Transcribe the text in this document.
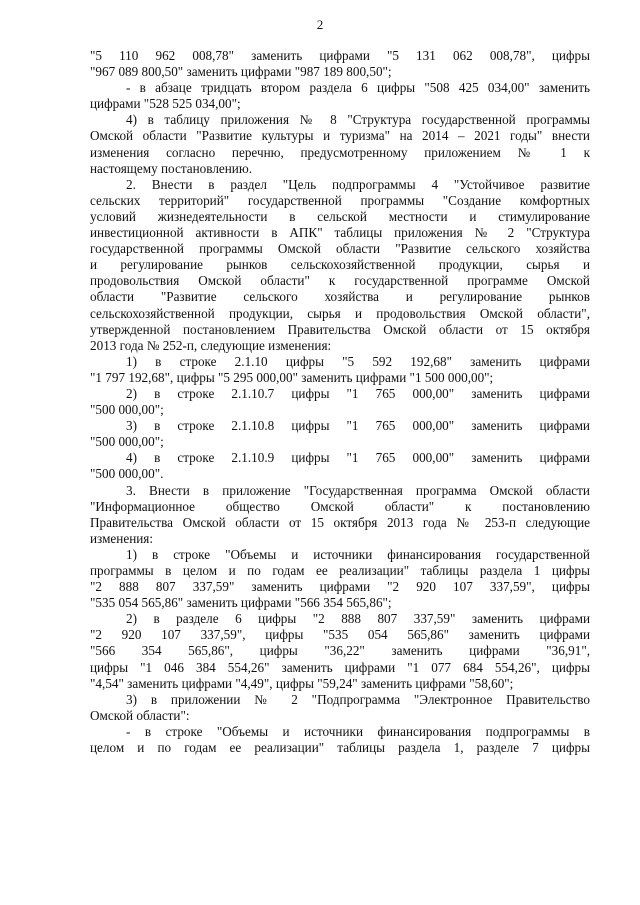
2
"5 110 962 008,78" заменить цифрами "5 131 062 008,78", цифры
"967 089 800,50" заменить цифрами "987 189 800,50";
- в абзаце тридцать втором раздела 6 цифры "508 425 034,00" заменить
цифрами "528 525 034,00";
4) в таблицу приложения № 8 "Структура государственной программы
Омской области "Развитие культуры и туризма" на 2014 – 2021 годы" внести
изменения согласно перечню, предусмотренному приложением № 1 к
настоящему постановлению.
2. Внести в раздел "Цель подпрограммы 4 "Устойчивое развитие
сельских территорий" государственной программы "Создание комфортных
условий жизнедеятельности в сельской местности и стимулирование
инвестиционной активности в АПК" таблицы приложения № 2 "Структура
государственной программы Омской области "Развитие сельского хозяйства
и регулирование рынков сельскохозяйственной продукции, сырья и
продовольствия Омской области" к государственной программе Омской
области "Развитие сельского хозяйства и регулирование рынков
сельскохозяйственной продукции, сырья и продовольствия Омской области",
утвержденной постановлением Правительства Омской области от 15 октября
2013 года № 252-п, следующие изменения:
1) в строке 2.1.10 цифры "5 592 192,68" заменить цифрами
"1 797 192,68", цифры "5 295 000,00" заменить цифрами "1 500 000,00";
2) в строке 2.1.10.7 цифры "1 765 000,00" заменить цифрами
"500 000,00";
3) в строке 2.1.10.8 цифры "1 765 000,00" заменить цифрами
"500 000,00";
4) в строке 2.1.10.9 цифры "1 765 000,00" заменить цифрами
"500 000,00".
3. Внести в приложение "Государственная программа Омской области
"Информационное общество Омской области" к постановлению
Правительства Омской области от 15 октября 2013 года № 253-п следующие
изменения:
1) в строке "Объемы и источники финансирования государственной
программы в целом и по годам ее реализации" таблицы раздела 1 цифры
"2 888 807 337,59" заменить цифрами "2 920 107 337,59", цифры
"535 054 565,86" заменить цифрами "566 354 565,86";
2) в разделе 6 цифры "2 888 807 337,59" заменить цифрами
"2 920 107 337,59", цифры "535 054 565,86" заменить цифрами
"566 354 565,86", цифры "36,22" заменить цифрами "36,91",
цифры "1 046 384 554,26" заменить цифрами "1 077 684 554,26", цифры
"4,54" заменить цифрами "4,49", цифры "59,24" заменить цифрами "58,60";
3) в приложении № 2 "Подпрограмма "Электронное Правительство
Омской области":
- в строке "Объемы и источники финансирования подпрограммы в
целом и по годам ее реализации" таблицы раздела 1, разделе 7 цифры
